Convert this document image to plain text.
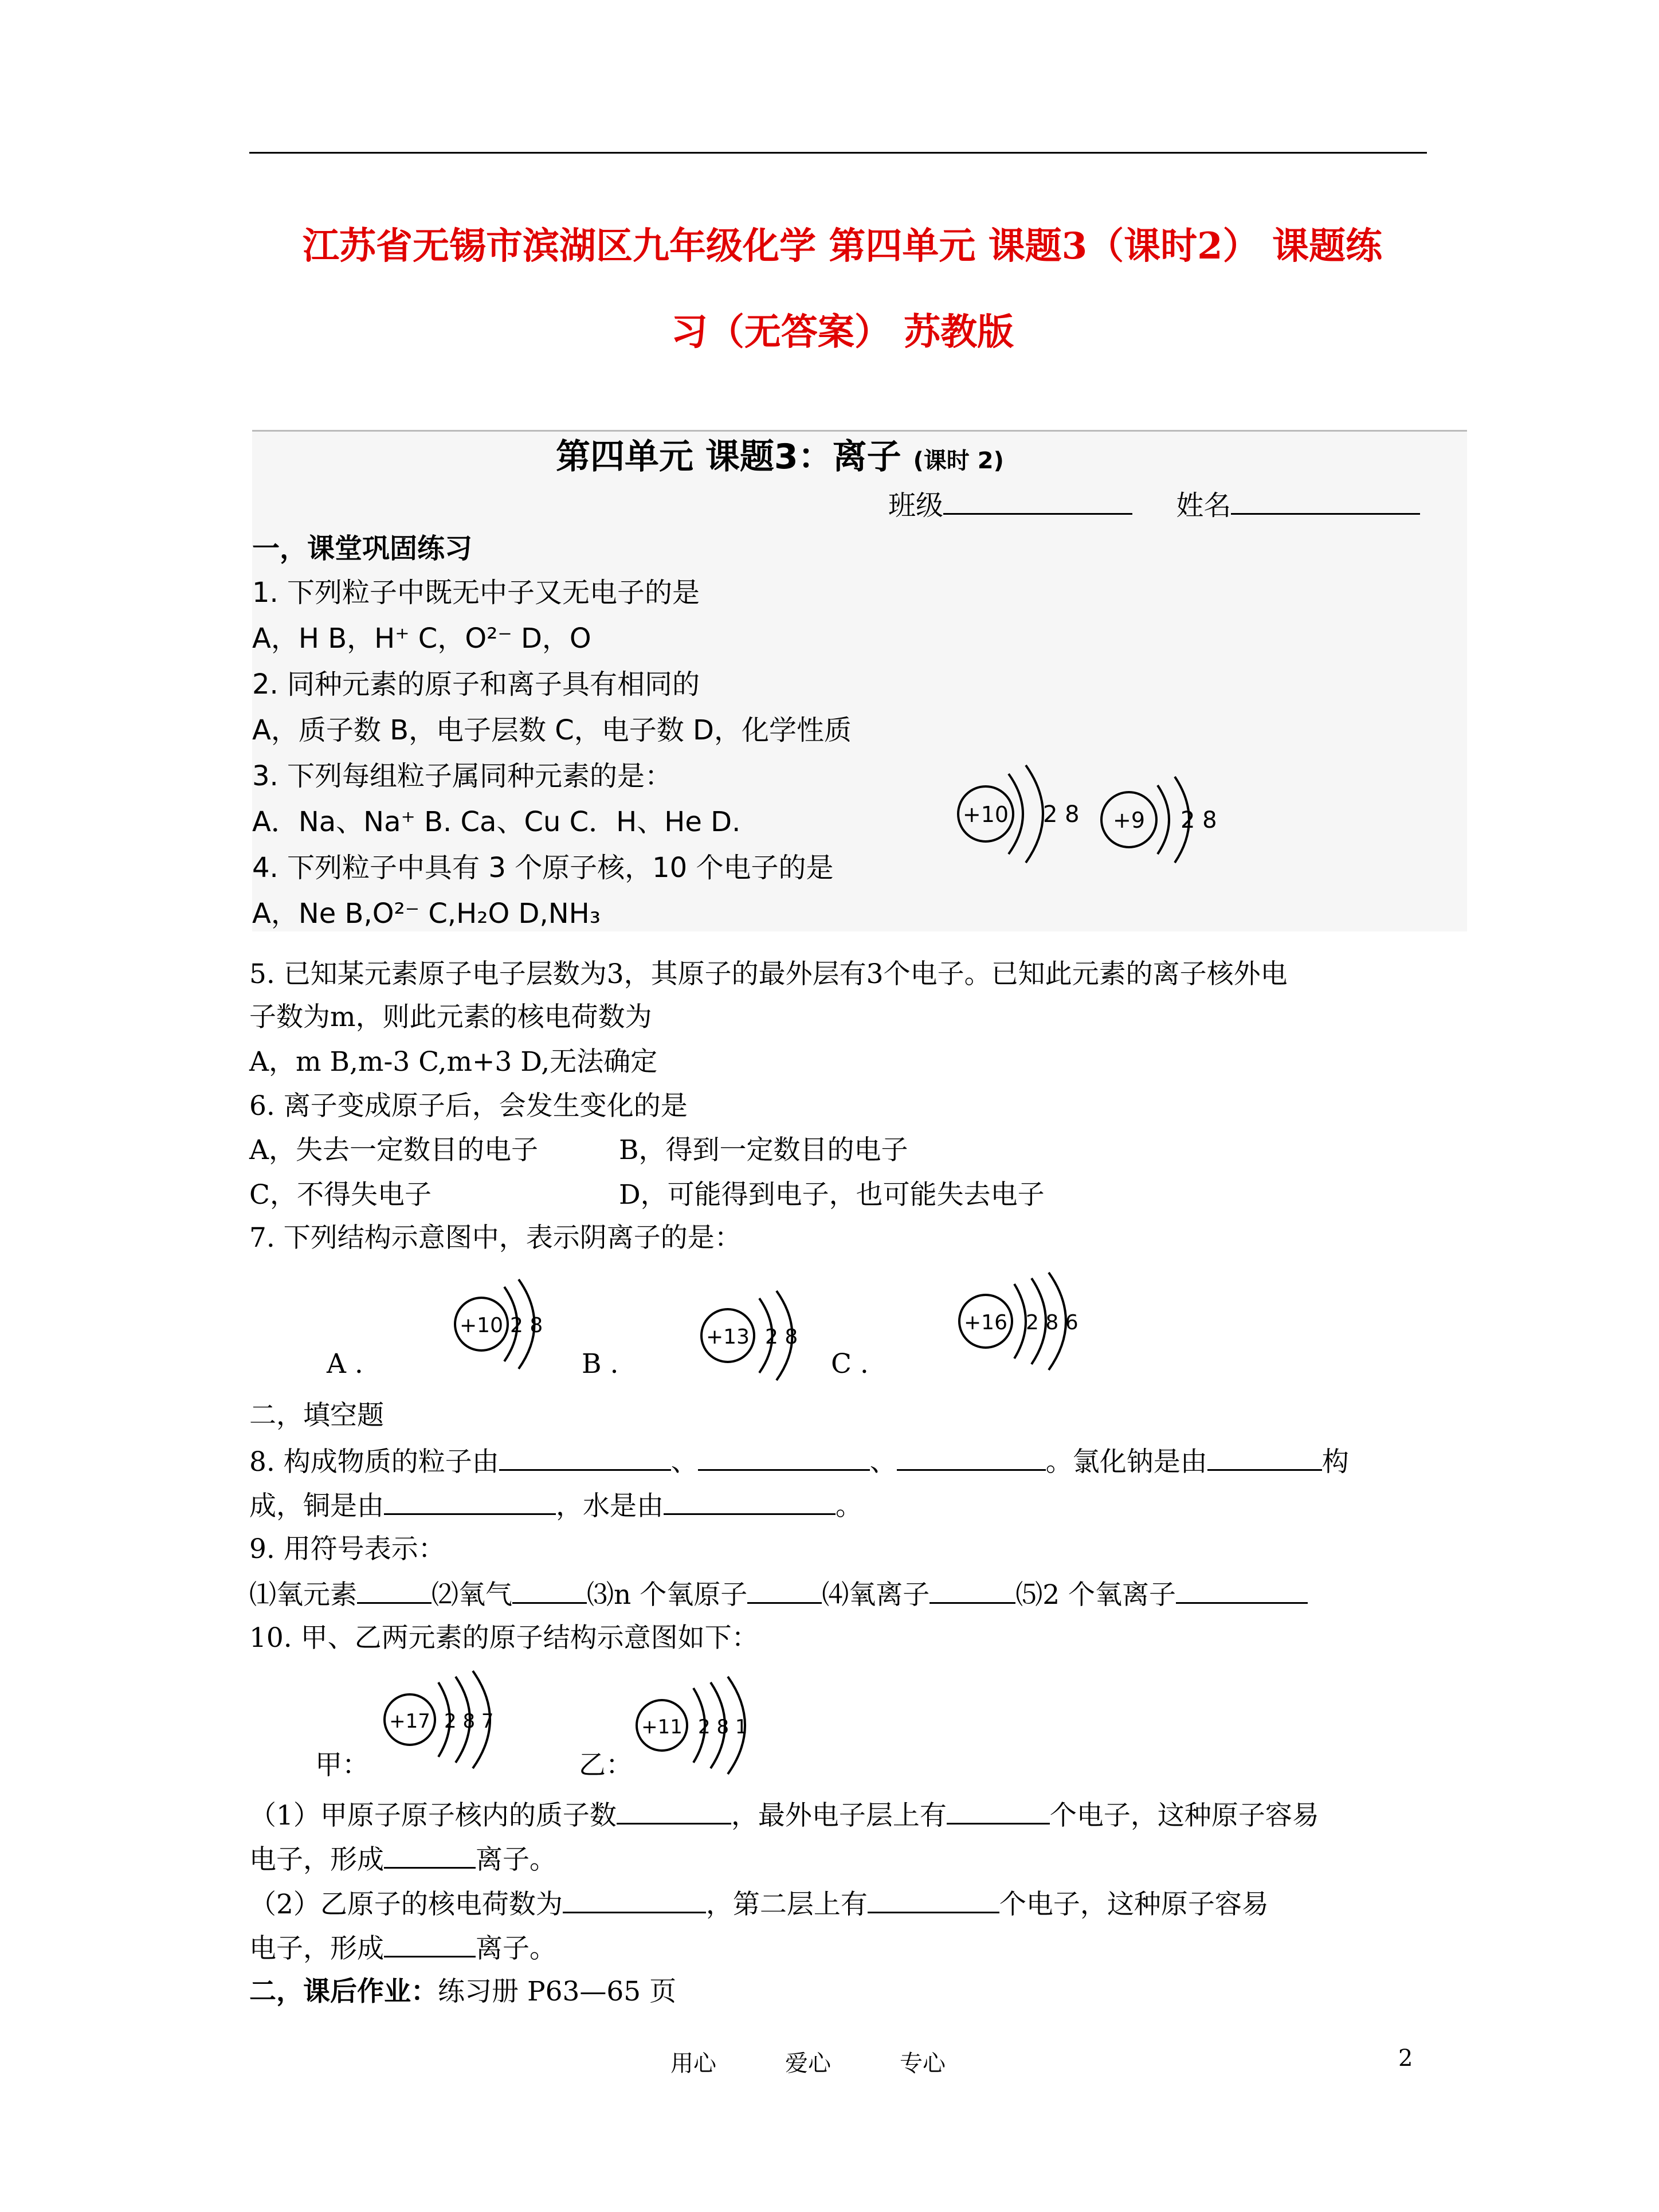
江苏省无锡市滨湖区九年级化学 第四单元 课题3（课时2） 课题练
习（无答案） 苏教版
第四单元 课题3：离子 (课时 2)
班级	姓名
一，课堂巩固练习
1. 下列粒子中既无中子又无电子的是
A，H B，H⁺ C，O²⁻ D，O
2. 同种元素的原子和离子具有相同的
A，质子数 B，电子层数 C，电子数 D，化学性质
3. 下列每组粒子属同种元素的是：
A．Na、Na⁺ B. Ca、Cu C．H、He D.
4. 下列粒子中具有 3 个原子核，10 个电子的是
A，Ne B,O²⁻ C,H₂O D,NH₃
+10 2 8 +9 2 8
5. 已知某元素原子电子层数为3，其原子的最外层有3个电子。已知此元素的离子核外电
子数为m，则此元素的核电荷数为
A，m B,m-3 C,m+3 D,无法确定
6. 离子变成原子后，会发生变化的是
A，失去一定数目的电子	B，得到一定数目的电子
C，不得失电子	D，可能得到电子，也可能失去电子
7. 下列结构示意图中，表示阴离子的是：
A .	B .	C .
+10 2 8	+13 2 8
+16 2 8 6
二，填空题
8. 构成物质的粒子由	、	、	。氯化钠是由	构
成，铜是由	，水是由	。
9. 用符号表示：
⑴氧元素	⑵氧气	⑶n 个氧原子	⑷氧离子	⑸2 个氧离子
10. 甲、乙两元素的原子结构示意图如下：
甲：	乙：
+17 2 8 7	+11 2 8 1
（1）甲原子原子核内的质子数	，最外电子层上有	个电子，这种原子容易
电子，形成	离子。
（2）乙原子的核电荷数为	，第二层上有	个电子，这种原子容易
电子，形成	离子。
二，课后作业：练习册 P63—65 页
用心	爱心	专心	2
